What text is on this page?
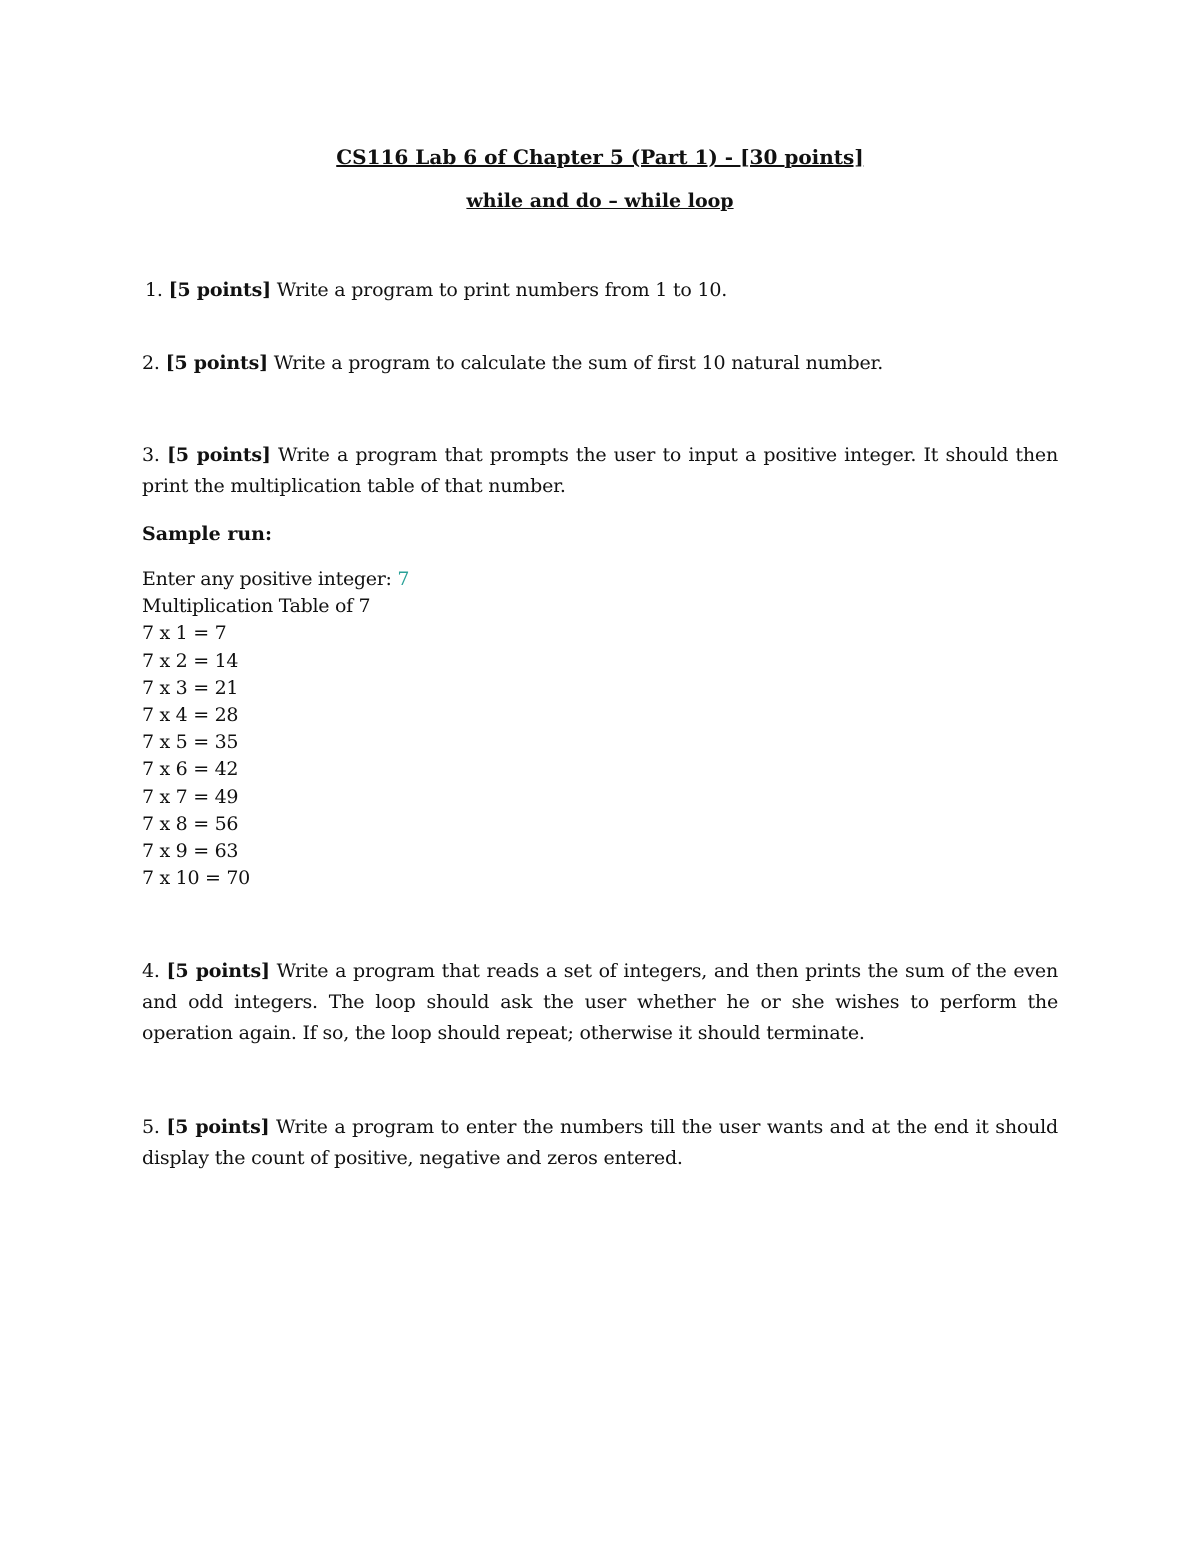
CS116 Lab 6 of Chapter 5 (Part 1) - [30 points]
while and do – while loop
1. [5 points] Write a program to print numbers from 1 to 10.
2. [5 points] Write a program to calculate the sum of first 10 natural number.
3. [5 points] Write a program that prompts the user to input a positive integer. It should then print the multiplication table of that number.
Sample run:
Enter any positive integer: 7
Multiplication Table of 7
7 x 1 = 7
7 x 2 = 14
7 x 3 = 21
7 x 4 = 28
7 x 5 = 35
7 x 6 = 42
7 x 7 = 49
7 x 8 = 56
7 x 9 = 63
7 x 10 = 70
4. [5 points] Write a program that reads a set of integers, and then prints the sum of the even and odd integers. The loop should ask the user whether he or she wishes to perform the operation again. If so, the loop should repeat; otherwise it should terminate.
5. [5 points] Write a program to enter the numbers till the user wants and at the end it should display the count of positive, negative and zeros entered.
